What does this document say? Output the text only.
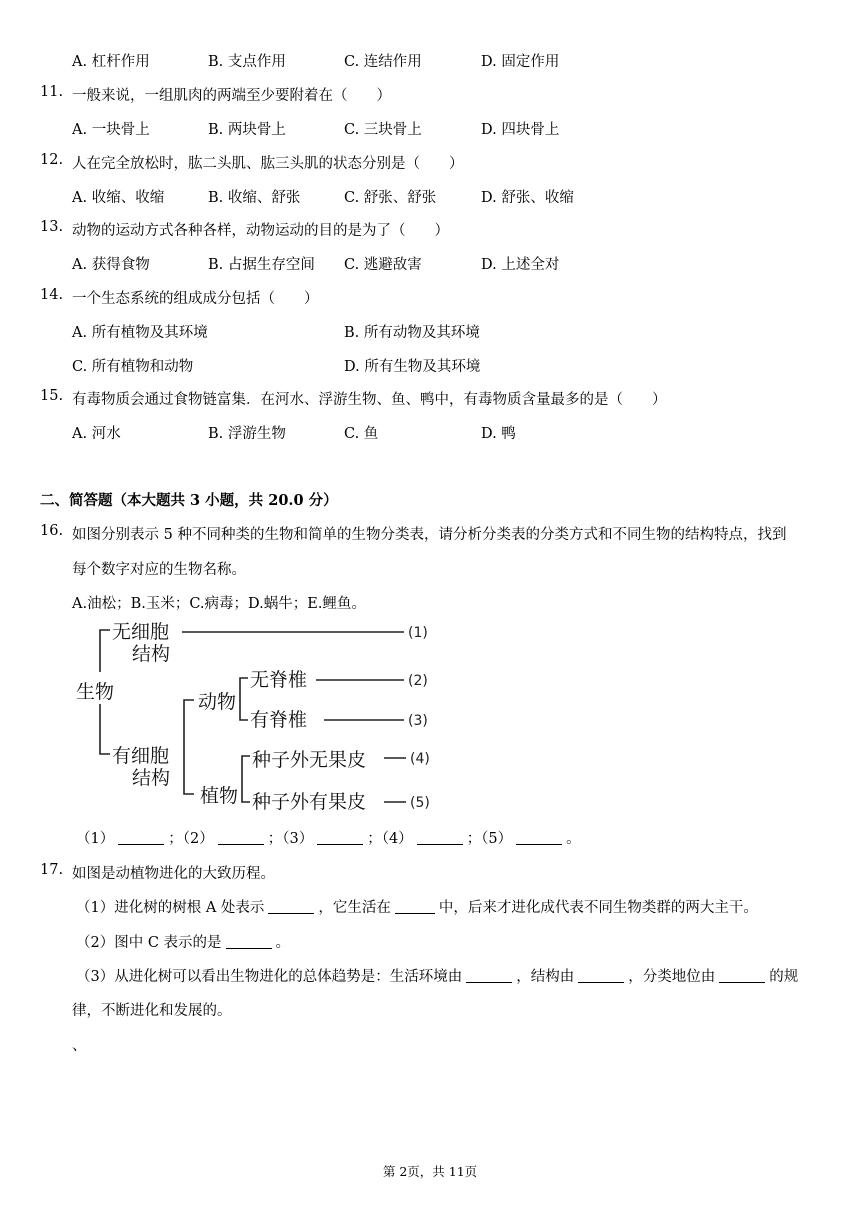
A. 杠杆作用	B. 支点作用	C. 连结作用	D. 固定作用
11. 一般来说，一组肌肉的两端至少要附着在（　　）
A. 一块骨上	B. 两块骨上	C. 三块骨上	D. 四块骨上
12. 人在完全放松时，肱二头肌、肱三头肌的状态分别是（　　）
A. 收缩、收缩	B. 收缩、舒张	C. 舒张、舒张	D. 舒张、收缩
13. 动物的运动方式各种各样，动物运动的目的是为了（　　）
A. 获得食物	B. 占据生存空间 C. 逃避敌害	D. 上述全对
14. 一个生态系统的组成成分包括（　　）
A. 所有植物及其环境	B. 所有动物及其环境
C. 所有植物和动物	D. 所有生物及其环境
15. 有毒物质会通过食物链富集．在河水、浮游生物、鱼、鸭中，有毒物质含量最多的是（　　）
A. 河水	B. 浮游生物	C. 鱼	D. 鸭
二、简答题（本大题共 3 小题，共 20.0 分）
16. 如图分别表示 5 种不同种类的生物和简单的生物分类表，请分析分类表的分类方式和不同生物的结构特点，找到
每个数字对应的生物名称。
A.油松；B.玉米；C.病毒；D.蜗牛；E.鲤鱼。
无细胞
结构
生物
有细胞
结构
动物
植物
无脊椎
有脊椎
种子外无果皮
种子外有果皮
(1)
(2)
(3)
(4)
(5)
（1）	；（2）	；（3）	；（4）	；（5）	。
17. 如图是动植物进化的大致历程。
（1）进化树的树根 A 处表示	，它生活在	中，后来才进化成代表不同生物类群的两大主干。
（2）图中 C 表示的是	。
（3）从进化树可以看出生物进化的总体趋势是：生活环境由	，结构由	，分类地位由	的规
律，不断进化和发展的。
、
第 2页，共 11页
